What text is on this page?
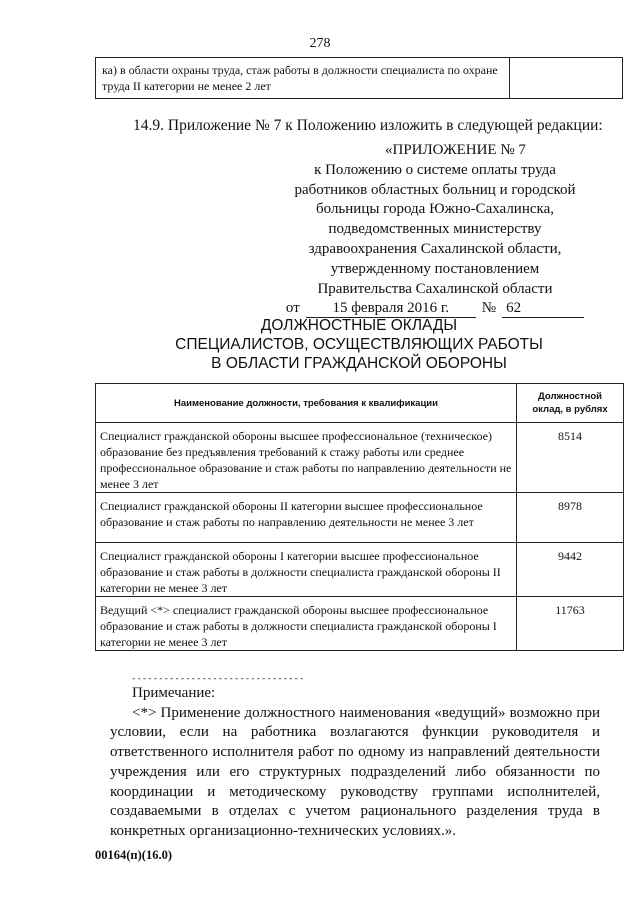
278
ка) в области охраны труда, стаж работы в должности специалиста по охране труда II категории не менее 2 лет	
14.9. Приложение № 7 к Положению изложить в следующей редакции:
«ПРИЛОЖЕНИЕ № 7
к Положению о системе оплаты труда
работников областных больниц и городской
больницы города Южно-Сахалинска,
подведомственных министерству
здравоохранения Сахалинской области,
утвержденному постановлением
Правительства Сахалинской области
от	15 февраля 2016 г.	№ 62
ДОЛЖНОСТНЫЕ ОКЛАДЫ
СПЕЦИАЛИСТОВ, ОСУЩЕСТВЛЯЮЩИХ РАБОТЫ
В ОБЛАСТИ ГРАЖДАНСКОЙ ОБОРОНЫ
Наименование должности, требования к квалификации	Должностной
оклад, в рублях

Специалист гражданской обороны высшее профессиональное (техническое) образование без предъявления требований к стажу работы или среднее профессиональное образование и стаж работы по направлению деятельности не менее 3 лет	8514
Специалист гражданской обороны II категории высшее профессиональное образование и стаж работы по направлению деятельности не менее 3 лет	8978
Специалист гражданской обороны I категории высшее профессиональное образование и стаж работы в должности специалиста гражданской обороны II категории не менее 3 лет	9442
Ведущий <*> специалист гражданской обороны высшее профессиональное образование и стаж работы в должности специалиста гражданской обороны I категории не менее 3 лет	11763
--------------------------------
Примечание:
<*> Применение должностного наименования «ведущий» возможно при условии, если на работника возлагаются функции руководителя и ответственного исполнителя работ по одному из направлений деятельности учреждения или его структурных подразделений либо обязанности по координации и методическому руководству группами исполнителей, создаваемыми в отделах с учетом рационального разделения труда в конкретных организационно-технических условиях.».
00164(п)(16.0)
